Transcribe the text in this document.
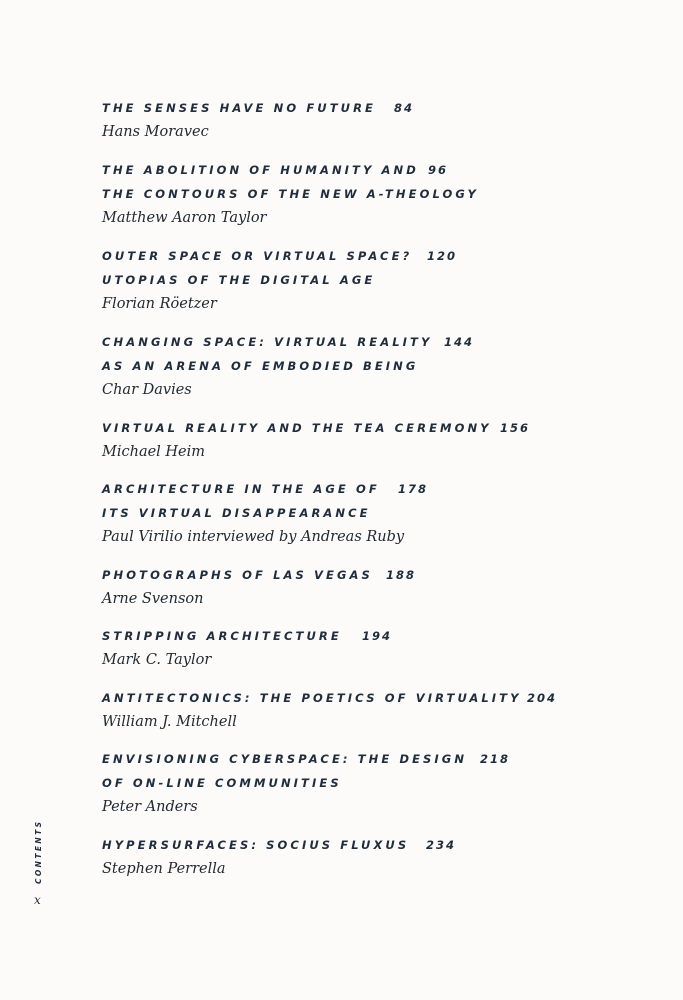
THE SENSES HAVE NO FUTURE	84
Hans Moravec
THE ABOLITION OF HUMANITY AND
THE CONTOURS OF THE NEW A-THEOLOGY
96
Matthew Aaron Taylor
OUTER SPACE OR VIRTUAL SPACE?
UTOPIAS OF THE DIGITAL AGE
120
Florian Röetzer
CHANGING SPACE: VIRTUAL REALITY
AS AN ARENA OF EMBODIED BEING
144
Char Davies
VIRTUAL REALITY AND THE TEA CEREMONY 156
Michael Heim
ARCHITECTURE IN THE AGE OF
ITS VIRTUAL DISAPPEARANCE
178
Paul Virilio interviewed by Andreas Ruby
PHOTOGRAPHS OF LAS VEGAS	188
Arne Svenson
STRIPPING ARCHITECTURE	194
Mark C. Taylor
ANTITECTONICS: THE POETICS OF VIRTUALITY 204
William J. Mitchell
ENVISIONING CYBERSPACE: THE DESIGN
OF ON-LINE COMMUNITIES
218
Peter Anders
HYPERSURFACES: SOCIUS FLUXUS	234
Stephen Perrella
CONTENTS
x
